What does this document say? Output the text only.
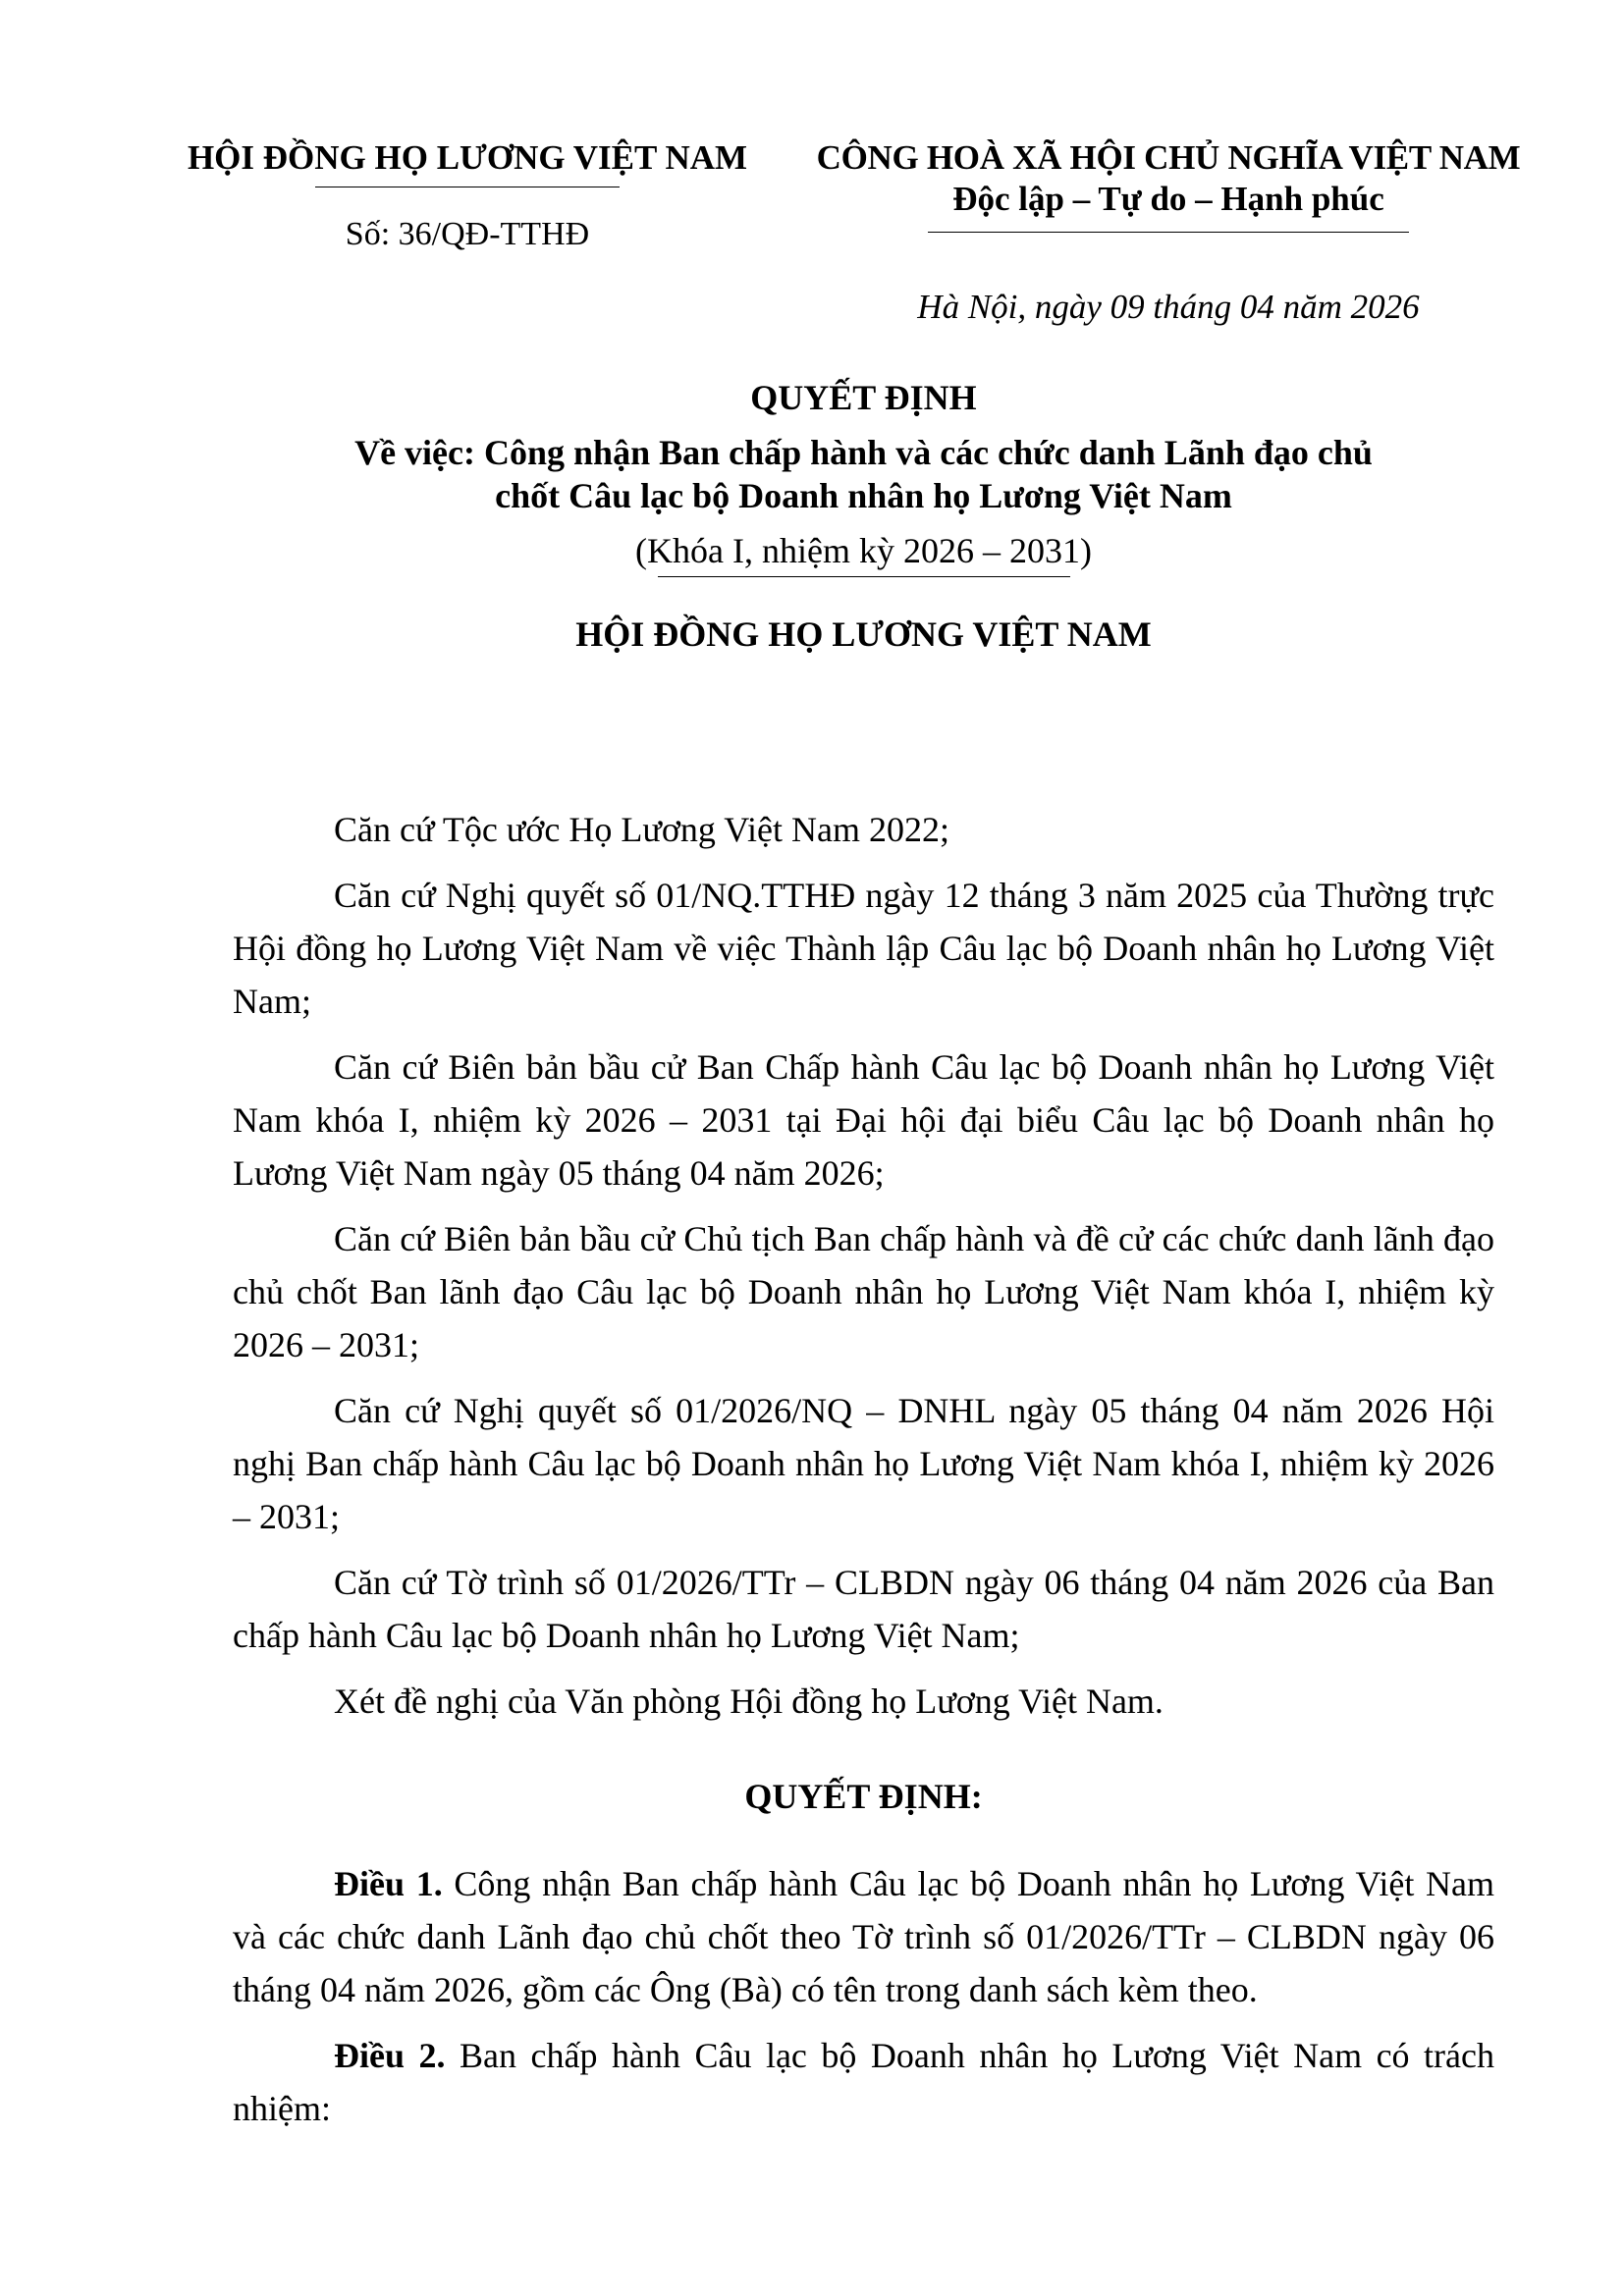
HỘI ĐỒNG HỌ LƯƠNG VIỆT NAM
Số: 36/QĐ-TTHĐ
CÔNG HOÀ XÃ HỘI CHỦ NGHĨA VIỆT NAM
Độc lập – Tự do – Hạnh phúc
Hà Nội, ngày 09 tháng 04 năm 2026
QUYẾT ĐỊNH
Về việc: Công nhận Ban chấp hành và các chức danh Lãnh đạo chủ
chốt Câu lạc bộ Doanh nhân họ Lương Việt Nam
(Khóa I, nhiệm kỳ 2026 – 2031)
HỘI ĐỒNG HỌ LƯƠNG VIỆT NAM

Căn cứ Tộc ước Họ Lương Việt Nam 2022;

Căn cứ Nghị quyết số 01/NQ.TTHĐ ngày 12 tháng 3 năm 2025 của Thường trực Hội đồng họ Lương Việt Nam về việc Thành lập Câu lạc bộ Doanh nhân họ Lương Việt Nam;

Căn cứ Biên bản bầu cử Ban Chấp hành Câu lạc bộ Doanh nhân họ Lương Việt Nam khóa I, nhiệm kỳ 2026 – 2031 tại Đại hội đại biểu Câu lạc bộ Doanh nhân họ Lương Việt Nam ngày 05 tháng 04 năm 2026;

Căn cứ Biên bản bầu cử Chủ tịch Ban chấp hành và đề cử các chức danh lãnh đạo chủ chốt Ban lãnh đạo Câu lạc bộ Doanh nhân họ Lương Việt Nam khóa I, nhiệm kỳ 2026 – 2031;

Căn cứ Nghị quyết số 01/2026/NQ – DNHL ngày 05 tháng 04 năm 2026 Hội nghị Ban chấp hành Câu lạc bộ Doanh nhân họ Lương Việt Nam khóa I, nhiệm kỳ 2026 – 2031;

Căn cứ Tờ trình số 01/2026/TTr – CLBDN ngày 06 tháng 04 năm 2026 của Ban chấp hành Câu lạc bộ Doanh nhân họ Lương Việt Nam;

Xét đề nghị của Văn phòng Hội đồng họ Lương Việt Nam.

QUYẾT ĐỊNH:

Điều 1. Công nhận Ban chấp hành Câu lạc bộ Doanh nhân họ Lương Việt Nam và các chức danh Lãnh đạo chủ chốt theo Tờ trình số 01/2026/TTr – CLBDN ngày 06 tháng 04 năm 2026, gồm các Ông (Bà) có tên trong danh sách kèm theo.

Điều 2. Ban chấp hành Câu lạc bộ Doanh nhân họ Lương Việt Nam có trách nhiệm:
